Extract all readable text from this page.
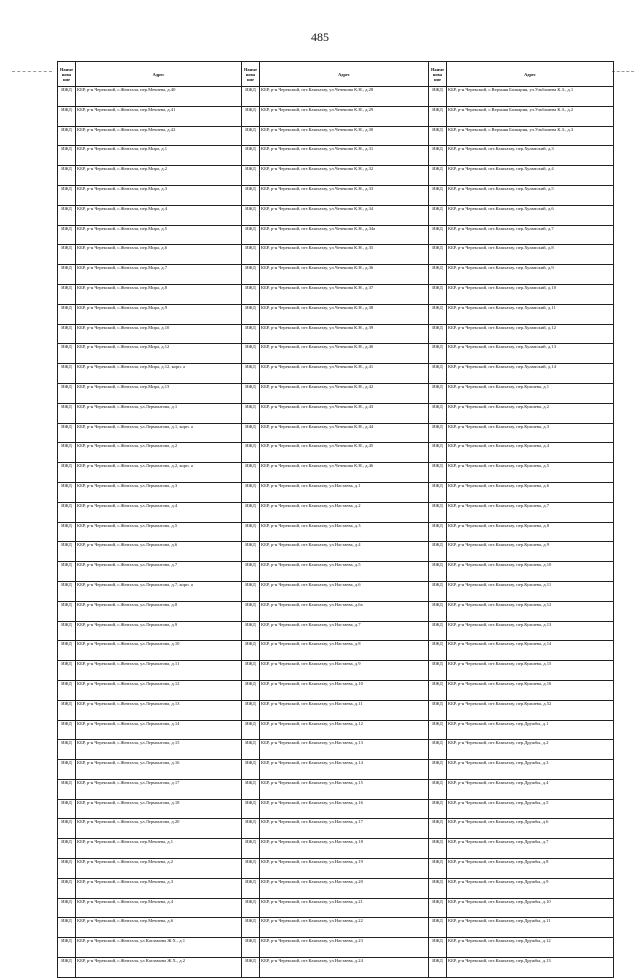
485
Наиме нова ние	Адрес	Наиме нова ние	Адрес	Наиме нова ние	Адрес
ИЖД	КБР, р-н Черекский, с.Жемтала, пер.Мечиева, д.40	ИЖД	КБР, р-н Черекский, пгт.Кашхатау, ул.Чеченова К.Н., д.28	ИЖД	КБР, р-н Черекский, с.Верхняя Балкария, ул.Ульбашева К.З., д.1
ИЖД	КБР, р-н Черекский, с.Жемтала, пер.Мечиева, д.41	ИЖД	КБР, р-н Черекский, пгт.Кашхатау, ул.Чеченова К.Н., д.29	ИЖД	КБР, р-н Черекский, с.Верхняя Балкария, ул.Ульбашева К.З., д.2
ИЖД	КБР, р-н Черекский, с.Жемтала, пер.Мечиева, д.42	ИЖД	КБР, р-н Черекский, пгт.Кашхатау, ул.Чеченова К.Н., д.30	ИЖД	КБР, р-н Черекский, с.Верхняя Балкария, ул.Ульбашева К.З., д.3
ИЖД	КБР, р-н Черекский, с.Жемтала, пер.Мира, д.1	ИЖД	КБР, р-н Черекский, пгт.Кашхатау, ул.Чеченова К.Н., д.31	ИЖД	КБР, р-н Черекский, пгт.Кашхатау, пер.Хуламский, д.3
ИЖД	КБР, р-н Черекский, с.Жемтала, пер.Мира, д.2	ИЖД	КБР, р-н Черекский, пгт.Кашхатау, ул.Чеченова К.Н., д.32	ИЖД	КБР, р-н Черекский, пгт.Кашхатау, пер.Хуламский, д.4
ИЖД	КБР, р-н Черекский, с.Жемтала, пер.Мира, д.3	ИЖД	КБР, р-н Черекский, пгт.Кашхатау, ул.Чеченова К.Н., д.33	ИЖД	КБР, р-н Черекский, пгт.Кашхатау, пер.Хуламский, д.5
ИЖД	КБР, р-н Черекский, с.Жемтала, пер.Мира, д.4	ИЖД	КБР, р-н Черекский, пгт.Кашхатау, ул.Чеченова К.Н., д.34	ИЖД	КБР, р-н Черекский, пгт.Кашхатау, пер.Хуламский, д.6
ИЖД	КБР, р-н Черекский, с.Жемтала, пер.Мира, д.5	ИЖД	КБР, р-н Черекский, пгт.Кашхатау, ул.Чеченова К.Н., д.34а	ИЖД	КБР, р-н Черекский, пгт.Кашхатау, пер.Хуламский, д.7
ИЖД	КБР, р-н Черекский, с.Жемтала, пер.Мира, д.6	ИЖД	КБР, р-н Черекский, пгт.Кашхатау, ул.Чеченова К.Н., д.35	ИЖД	КБР, р-н Черекский, пгт.Кашхатау, пер.Хуламский, д.8
ИЖД	КБР, р-н Черекский, с.Жемтала, пер.Мира, д.7	ИЖД	КБР, р-н Черекский, пгт.Кашхатау, ул.Чеченова К.Н., д.36	ИЖД	КБР, р-н Черекский, пгт.Кашхатау, пер.Хуламский, д.9
ИЖД	КБР, р-н Черекский, с.Жемтала, пер.Мира, д.8	ИЖД	КБР, р-н Черекский, пгт.Кашхатау, ул.Чеченова К.Н., д.37	ИЖД	КБР, р-н Черекский, пгт.Кашхатау, пер.Хуламский, д.10
ИЖД	КБР, р-н Черекский, с.Жемтала, пер.Мира, д.9	ИЖД	КБР, р-н Черекский, пгт.Кашхатау, ул.Чеченова К.Н., д.38	ИЖД	КБР, р-н Черекский, пгт.Кашхатау, пер.Хуламский, д.11
ИЖД	КБР, р-н Черекский, с.Жемтала, пер.Мира, д.10	ИЖД	КБР, р-н Черекский, пгт.Кашхатау, ул.Чеченова К.Н., д.39	ИЖД	КБР, р-н Черекский, пгт.Кашхатау, пер.Хуламский, д.12
ИЖД	КБР, р-н Черекский, с.Жемтала, пер.Мира, д.12	ИЖД	КБР, р-н Черекский, пгт.Кашхатау, ул.Чеченова К.Н., д.40	ИЖД	КБР, р-н Черекский, пгт.Кашхатау, пер.Хуламский, д.13
ИЖД	КБР, р-н Черекский, с.Жемтала, пер.Мира, д.12, корп. а	ИЖД	КБР, р-н Черекский, пгт.Кашхатау, ул.Чеченова К.Н., д.41	ИЖД	КБР, р-н Черекский, пгт.Кашхатау, пер.Хуламский, д.14
ИЖД	КБР, р-н Черекский, с.Жемтала, пер.Мира, д.13	ИЖД	КБР, р-н Черекский, пгт.Кашхатау, ул.Чеченова К.Н., д.42	ИЖД	КБР, р-н Черекский, пгт.Кашхатау, пер.Куашева, д.1
ИЖД	КБР, р-н Черекский, с.Жемтала, ул.Лермонтова, д.1	ИЖД	КБР, р-н Черекский, пгт.Кашхатау, ул.Чеченова К.Н., д.43	ИЖД	КБР, р-н Черекский, пгт.Кашхатау, пер.Куашева, д.2
ИЖД	КБР, р-н Черекский, с.Жемтала, ул.Лермонтова, д.1, корп. а	ИЖД	КБР, р-н Черекский, пгт.Кашхатау, ул.Чеченова К.Н., д.44	ИЖД	КБР, р-н Черекский, пгт.Кашхатау, пер.Куашева, д.3
ИЖД	КБР, р-н Черекский, с.Жемтала, ул.Лермонтова, д.2	ИЖД	КБР, р-н Черекский, пгт.Кашхатау, ул.Чеченова К.Н., д.45	ИЖД	КБР, р-н Черекский, пгт.Кашхатау, пер.Куашева, д.4
ИЖД	КБР, р-н Черекский, с.Жемтала, ул.Лермонтова, д.2, корп. а	ИЖД	КБР, р-н Черекский, пгт.Кашхатау, ул.Чеченова К.Н., д.46	ИЖД	КБР, р-н Черекский, пгт.Кашхатау, пер.Куашева, д.5
ИЖД	КБР, р-н Черекский, с.Жемтала, ул.Лермонтова, д.3	ИЖД	КБР, р-н Черекский, пгт.Кашхатау, ул.Настаева, д.1	ИЖД	КБР, р-н Черекский, пгт.Кашхатау, пер.Куашева, д.6
ИЖД	КБР, р-н Черекский, с.Жемтала, ул.Лермонтова, д.4	ИЖД	КБР, р-н Черекский, пгт.Кашхатау, ул.Настаева, д.2	ИЖД	КБР, р-н Черекский, пгт.Кашхатау, пер.Куашева, д.7
ИЖД	КБР, р-н Черекский, с.Жемтала, ул.Лермонтова, д.5	ИЖД	КБР, р-н Черекский, пгт.Кашхатау, ул.Настаева, д.3	ИЖД	КБР, р-н Черекский, пгт.Кашхатау, пер.Куашева, д.8
ИЖД	КБР, р-н Черекский, с.Жемтала, ул.Лермонтова, д.6	ИЖД	КБР, р-н Черекский, пгт.Кашхатау, ул.Настаева, д.4	ИЖД	КБР, р-н Черекский, пгт.Кашхатау, пер.Куашева, д.9
ИЖД	КБР, р-н Черекский, с.Жемтала, ул.Лермонтова, д.7	ИЖД	КБР, р-н Черекский, пгт.Кашхатау, ул.Настаева, д.5	ИЖД	КБР, р-н Черекский, пгт.Кашхатау, пер.Куашева, д.10
ИЖД	КБР, р-н Черекский, с.Жемтала, ул.Лермонтова, д.7, корп. а	ИЖД	КБР, р-н Черекский, пгт.Кашхатау, ул.Настаева, д.6	ИЖД	КБР, р-н Черекский, пгт.Кашхатау, пер.Куашева, д.11
ИЖД	КБР, р-н Черекский, с.Жемтала, ул.Лермонтова, д.8	ИЖД	КБР, р-н Черекский, пгт.Кашхатау, ул.Настаева, д.6а	ИЖД	КБР, р-н Черекский, пгт.Кашхатау, пер.Куашева, д.12
ИЖД	КБР, р-н Черекский, с.Жемтала, ул.Лермонтова, д.9	ИЖД	КБР, р-н Черекский, пгт.Кашхатау, ул.Настаева, д.7	ИЖД	КБР, р-н Черекский, пгт.Кашхатау, пер.Куашева, д.13
ИЖД	КБР, р-н Черекский, с.Жемтала, ул.Лермонтова, д.10	ИЖД	КБР, р-н Черекский, пгт.Кашхатау, ул.Настаева, д.8	ИЖД	КБР, р-н Черекский, пгт.Кашхатау, пер.Куашева, д.14
ИЖД	КБР, р-н Черекский, с.Жемтала, ул.Лермонтова, д.11	ИЖД	КБР, р-н Черекский, пгт.Кашхатау, ул.Настаева, д.9	ИЖД	КБР, р-н Черекский, пгт.Кашхатау, пер.Куашева, д.15
ИЖД	КБР, р-н Черекский, с.Жемтала, ул.Лермонтова, д.12	ИЖД	КБР, р-н Черекский, пгт.Кашхатау, ул.Настаева, д.10	ИЖД	КБР, р-н Черекский, пгт.Кашхатау, пер.Куашева, д.16
ИЖД	КБР, р-н Черекский, с.Жемтала, ул.Лермонтова, д.13	ИЖД	КБР, р-н Черекский, пгт.Кашхатау, ул.Настаева, д.11	ИЖД	КБР, р-н Черекский, пгт.Кашхатау, пер.Куашева, д.52
ИЖД	КБР, р-н Черекский, с.Жемтала, ул.Лермонтова, д.14	ИЖД	КБР, р-н Черекский, пгт.Кашхатау, ул.Настаева, д.12	ИЖД	КБР, р-н Черекский, пгт.Кашхатау, пер.Дружбы, д.1
ИЖД	КБР, р-н Черекский, с.Жемтала, ул.Лермонтова, д.15	ИЖД	КБР, р-н Черекский, пгт.Кашхатау, ул.Настаева, д.13	ИЖД	КБР, р-н Черекский, пгт.Кашхатау, пер.Дружбы, д.2
ИЖД	КБР, р-н Черекский, с.Жемтала, ул.Лермонтова, д.16	ИЖД	КБР, р-н Черекский, пгт.Кашхатау, ул.Настаева, д.14	ИЖД	КБР, р-н Черекский, пгт.Кашхатау, пер.Дружбы, д.3
ИЖД	КБР, р-н Черекский, с.Жемтала, ул.Лермонтова, д.17	ИЖД	КБР, р-н Черекский, пгт.Кашхатау, ул.Настаева, д.15	ИЖД	КБР, р-н Черекский, пгт.Кашхатау, пер.Дружбы, д.4
ИЖД	КБР, р-н Черекский, с.Жемтала, ул.Лермонтова, д.18	ИЖД	КБР, р-н Черекский, пгт.Кашхатау, ул.Настаева, д.16	ИЖД	КБР, р-н Черекский, пгт.Кашхатау, пер.Дружбы, д.5
ИЖД	КБР, р-н Черекский, с.Жемтала, ул.Лермонтова, д.20	ИЖД	КБР, р-н Черекский, пгт.Кашхатау, ул.Настаева, д.17	ИЖД	КБР, р-н Черекский, пгт.Кашхатау, пер.Дружбы, д.6
ИЖД	КБР, р-н Черекский, с.Жемтала, пер.Мечиева, д.1	ИЖД	КБР, р-н Черекский, пгт.Кашхатау, ул.Настаева, д.18	ИЖД	КБР, р-н Черекский, пгт.Кашхатау, пер.Дружбы, д.7
ИЖД	КБР, р-н Черекский, с.Жемтала, пер.Мечиева, д.2	ИЖД	КБР, р-н Черекский, пгт.Кашхатау, ул.Настаева, д.19	ИЖД	КБР, р-н Черекский, пгт.Кашхатау, пер.Дружбы, д.8
ИЖД	КБР, р-н Черекский, с.Жемтала, пер.Мечиева, д.3	ИЖД	КБР, р-н Черекский, пгт.Кашхатау, ул.Настаева, д.20	ИЖД	КБР, р-н Черекский, пгт.Кашхатау, пер.Дружбы, д.9
ИЖД	КБР, р-н Черекский, с.Жемтала, пер.Мечиева, д.4	ИЖД	КБР, р-н Черекский, пгт.Кашхатау, ул.Настаева, д.21	ИЖД	КБР, р-н Черекский, пгт.Кашхатау, пер.Дружбы, д.10
ИЖД	КБР, р-н Черекский, с.Жемтала, пер.Мечиева, д.6	ИЖД	КБР, р-н Черекский, пгт.Кашхатау, ул.Настаева, д.22	ИЖД	КБР, р-н Черекский, пгт.Кашхатау, пер.Дружбы, д.11
ИЖД	КБР, р-н Черекский, с.Жемтала, ул.Кагламова Ж.Х., д.1	ИЖД	КБР, р-н Черекский, пгт.Кашхатау, ул.Настаева, д.23	ИЖД	КБР, р-н Черекский, пгт.Кашхатау, пер.Дружбы, д.12
ИЖД	КБР, р-н Черекский, с.Жемтала, ул.Кагламова Ж.Х., д.2	ИЖД	КБР, р-н Черекский, пгт.Кашхатау, ул.Настаева, д.24	ИЖД	КБР, р-н Черекский, пгт.Кашхатау, пер.Дружбы, д.13
